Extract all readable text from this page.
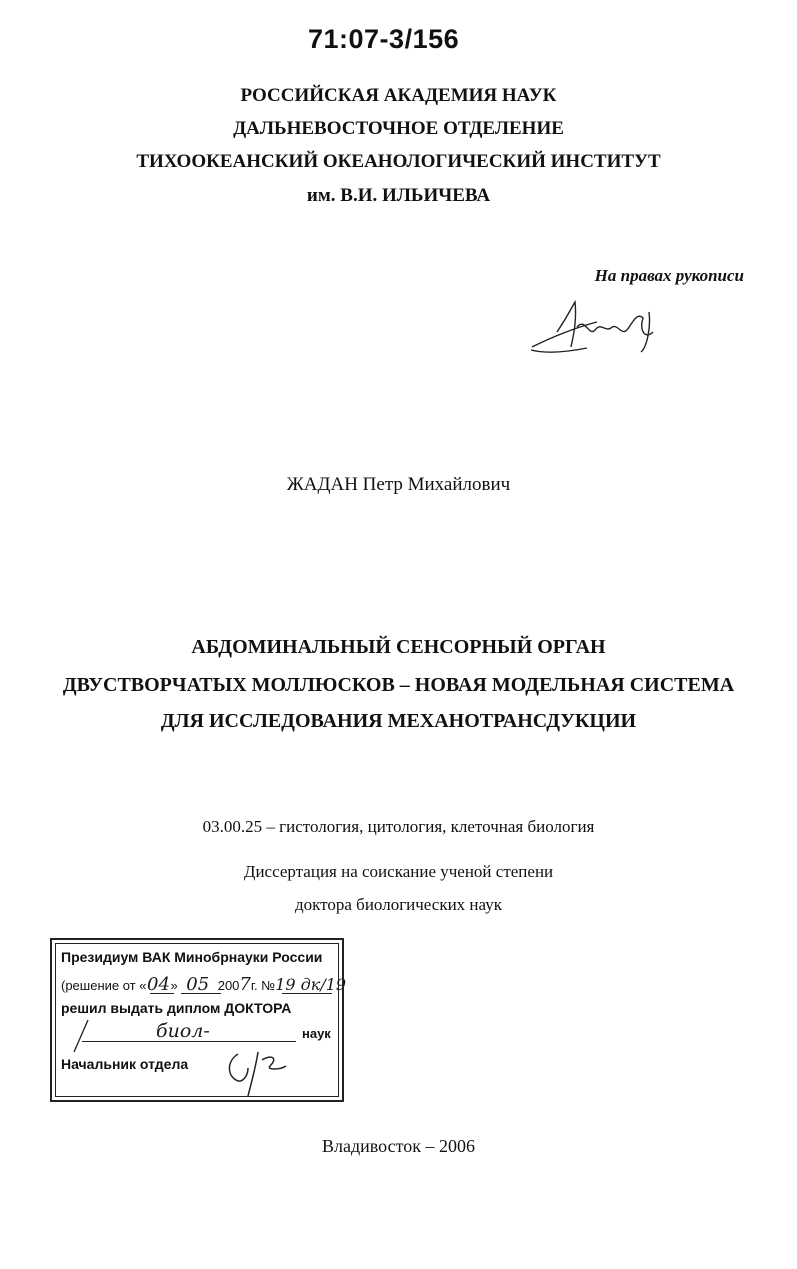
71:07-3/156
РОССИЙСКАЯ АКАДЕМИЯ НАУК
ДАЛЬНЕВОСТОЧНОЕ ОТДЕЛЕНИЕ
ТИХООКЕАНСКИЙ ОКЕАНОЛОГИЧЕСКИЙ ИНСТИТУТ
им. В.И. ИЛЬИЧЕВА
На правах рукописи
ЖАДАН Петр Михайлович
АБДОМИНАЛЬНЫЙ СЕНСОРНЫЙ ОРГАН
ДВУСТВОРЧАТЫХ МОЛЛЮСКОВ – НОВАЯ МОДЕЛЬНАЯ СИСТЕМА
ДЛЯ ИССЛЕДОВАНИЯ МЕХАНОТРАНСДУКЦИИ
03.00.25 – гистология, цитология, клеточная биология
Диссертация на соискание ученой степени
доктора биологических наук
Президиум ВАК Минобрнауки России
(решение от «04» 05 2007г. №19 дк/19
решил выдать диплом ДОКТОРА
биол-	наук
Начальник отдела
Владивосток – 2006
